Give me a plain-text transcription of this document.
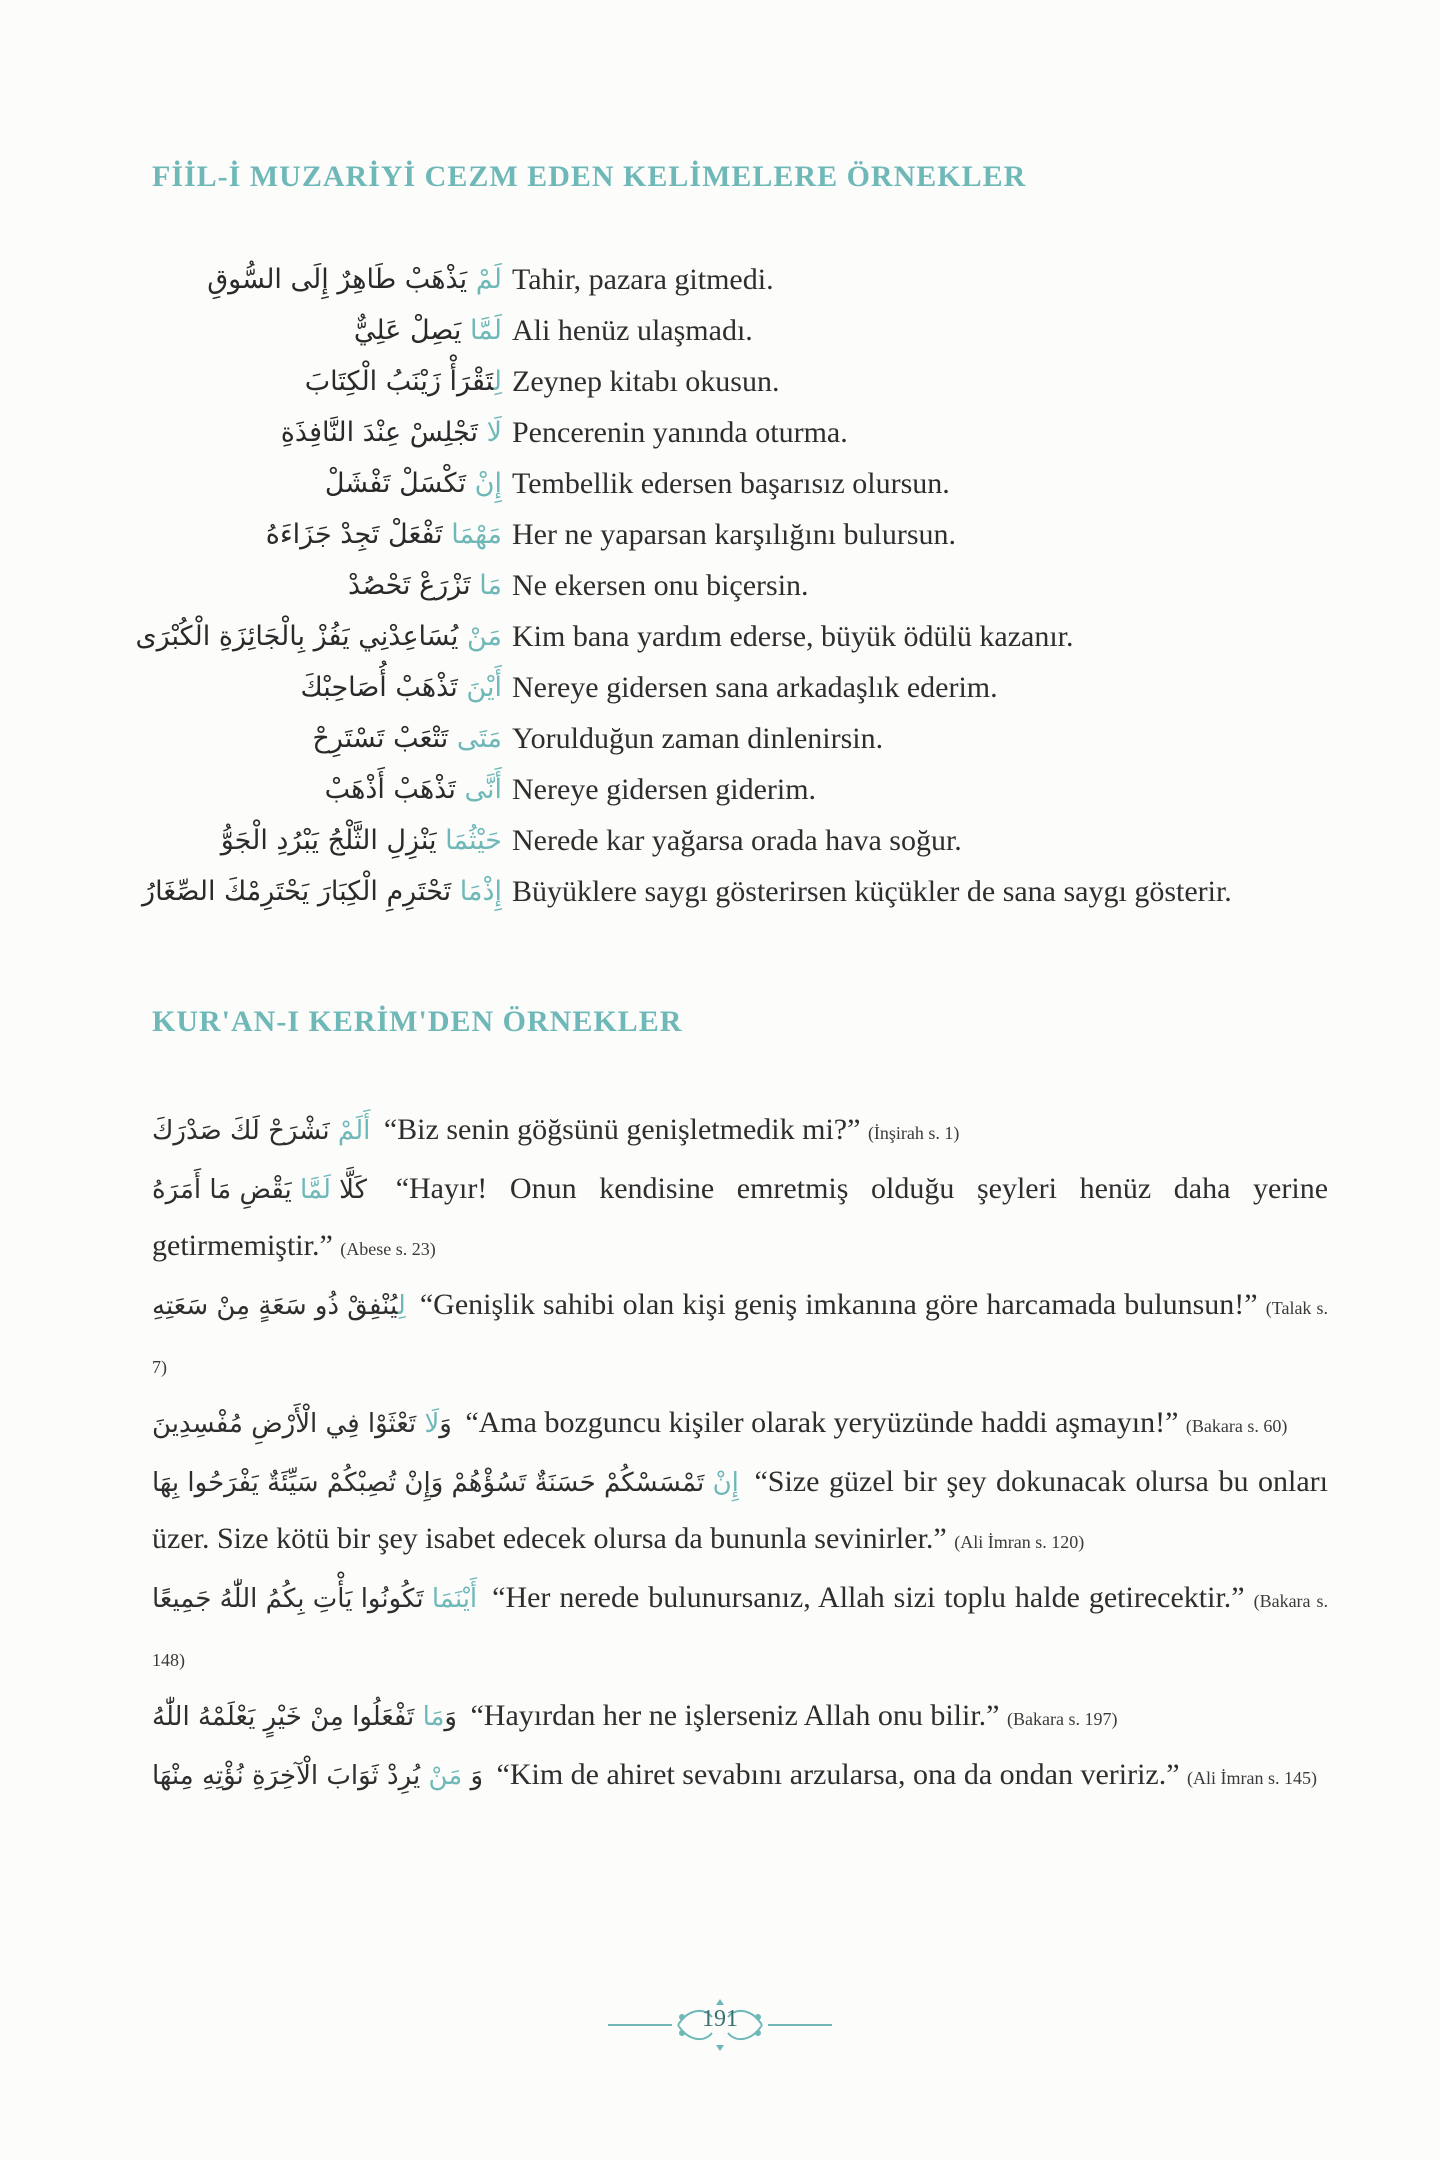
FİİL-İ MUZARİYİ CEZM EDEN KELİMELERE ÖRNEKLER
لَمْ يَذْهَبْ طَاهِرٌ إِلَى السُّوقِ	Tahir, pazara gitmedi.
لَمَّا يَصِلْ عَلِيٌّ	Ali henüz ulaşmadı.
لِتَقْرَأْ زَيْنَبُ الْكِتَابَ Zeynep kitabı okusun.
لَا تَجْلِسْ عِنْدَ النَّافِذَةِ	Pencerenin yanında oturma.
إِنْ تَكْسَلْ تَفْشَلْ	Tembellik edersen başarısız olursun.
مَهْمَا تَفْعَلْ تَجِدْ جَزَاءَهُ	Her ne yaparsan karşılığını bulursun.
مَا تَزْرَعْ تَحْصُدْ	Ne ekersen onu biçersin.
مَنْ يُسَاعِدْنِي يَفُزْ بِالْجَائِزَةِ الْكُبْرَى	Kim bana yardım ederse, büyük ödülü kazanır.
أَيْنَ تَذْهَبْ أُصَاحِبْكَ	Nereye gidersen sana arkadaşlık ederim.
مَتَى تَتْعَبْ تَسْتَرِحْ	Yorulduğun zaman dinlenirsin.
أَنَّى تَذْهَبْ أَذْهَبْ	Nereye gidersen giderim.
حَيْثُمَا يَنْزِلِ الثَّلْجُ يَبْرُدِ الْجَوُّ	Nerede kar yağarsa orada hava soğur.
إِذْمَا تَحْتَرِمِ الْكِبَارَ يَحْتَرِمْكَ الصِّغَارُ	Büyüklere saygı gösterirsen küçükler de sana saygı gösterir.
KUR'AN-I KERİM'DEN ÖRNEKLER

أَلَمْ نَشْرَحْ لَكَ صَدْرَكَ “Biz senin göğsünü genişletmedik mi?” (İnşirah s. 1)

كَلَّا لَمَّا يَقْضِ مَا أَمَرَهُ	“Hayır! Onun kendisine emretmiş olduğu şeyleri henüz daha yerine getirmemiştir.” (Abese s. 23)

لِيُنْفِقْ ذُو سَعَةٍ مِنْ سَعَتِهِ “Genişlik sahibi olan kişi geniş imkanına göre harcamada bulunsun!” (Talak s. 7)

وَلَا تَعْثَوْا فِي الْأَرْضِ مُفْسِدِينَ “Ama bozguncu kişiler olarak yeryüzünde haddi aşmayın!” (Bakara s. 60)

إِنْ تَمْسَسْكُمْ حَسَنَةٌ تَسُؤْهُمْ وَإِنْ تُصِبْكُمْ سَيِّئَةٌ يَفْرَحُوا بِهَا “Size güzel bir şey dokunacak olursa bu onları üzer. Size kötü bir şey isabet edecek olursa da bununla sevinirler.” (Ali İmran s. 120)

أَيْنَمَا تَكُونُوا يَأْتِ بِكُمُ اللّٰهُ جَمِيعًا “Her nerede bulunursanız, Allah sizi toplu halde getirecektir.” (Bakara s. 148)

وَمَا تَفْعَلُوا مِنْ خَيْرٍ يَعْلَمْهُ اللّٰهُ “Hayırdan her ne işlerseniz Allah onu bilir.” (Bakara s. 197)

وَ مَنْ يُرِدْ ثَوَابَ الْآخِرَةِ نُؤْتِهِ مِنْهَا	“Kim de ahiret sevabını arzularsa, ona da ondan veririz.” (Ali İmran s. 145)

191
